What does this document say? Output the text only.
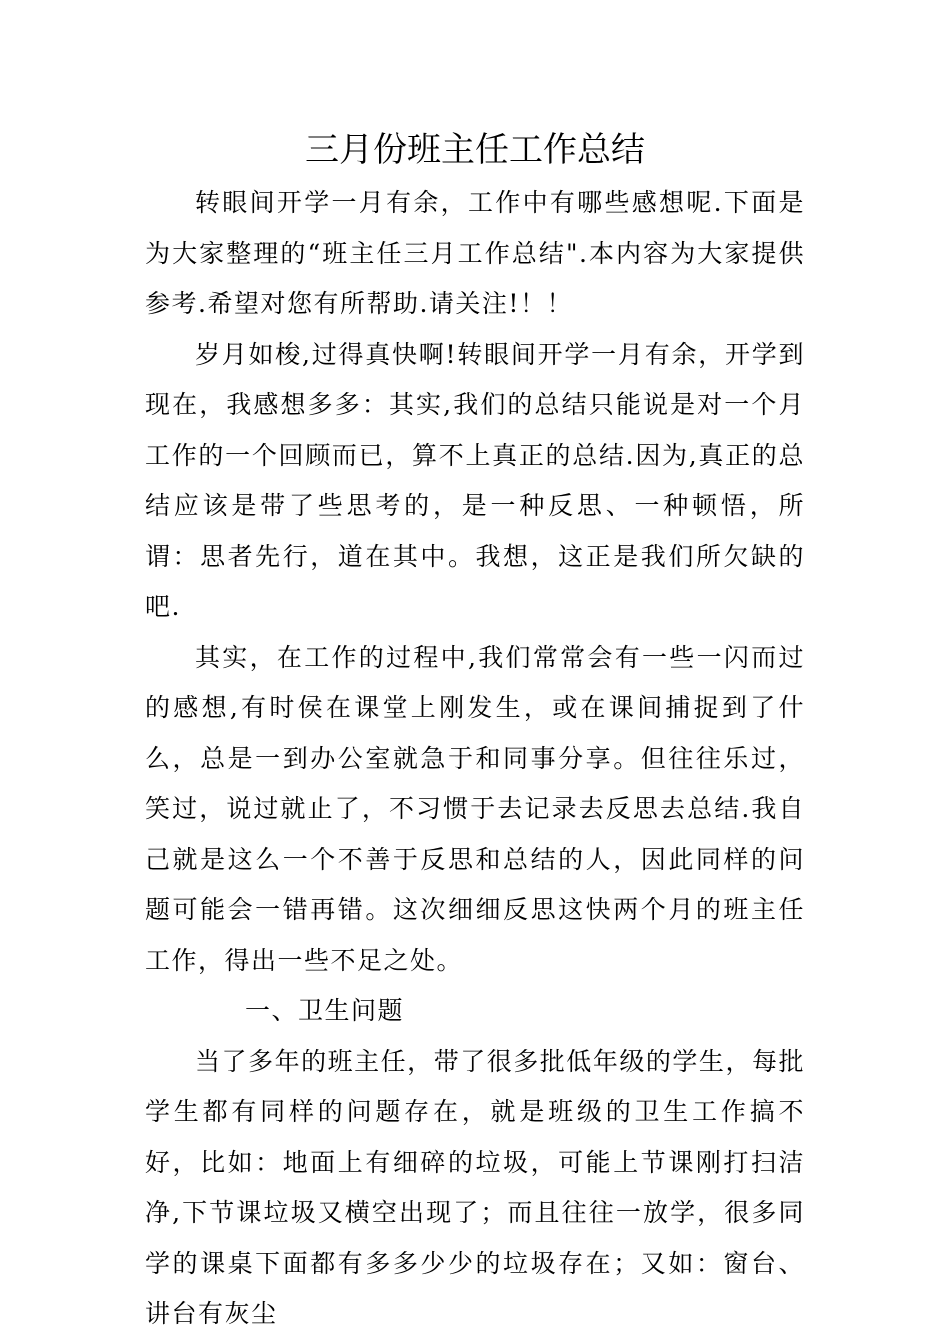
三月份班主任工作总结

转眼间开学一月有余，工作中有哪些感想呢.下面是为大家整理的“班主任三月工作总结".本内容为大家提供参考.希望对您有所帮助.请关注!！！

岁月如梭,过得真快啊!转眼间开学一月有余，开学到现在，我感想多多：其实,我们的总结只能说是对一个月工作的一个回顾而已，算不上真正的总结.因为,真正的总结应该是带了些思考的，是一种反思、一种顿悟，所谓：思者先行，道在其中。我想，这正是我们所欠缺的吧.

其实，在工作的过程中,我们常常会有一些一闪而过的感想,有时侯在课堂上刚发生，或在课间捕捉到了什么，总是一到办公室就急于和同事分享。但往往乐过，笑过，说过就止了，不习惯于去记录去反思去总结.我自己就是这么一个不善于反思和总结的人，因此同样的问题可能会一错再错。这次细细反思这快两个月的班主任工作，得出一些不足之处。

一、卫生问题

当了多年的班主任，带了很多批低年级的学生，每批学生都有同样的问题存在，就是班级的卫生工作搞不好，比如：地面上有细碎的垃圾，可能上节课刚打扫洁净,下节课垃圾又横空出现了；而且往往一放学，很多同学的课桌下面都有多多少少的垃圾存在；又如：窗台、讲台有灰尘
